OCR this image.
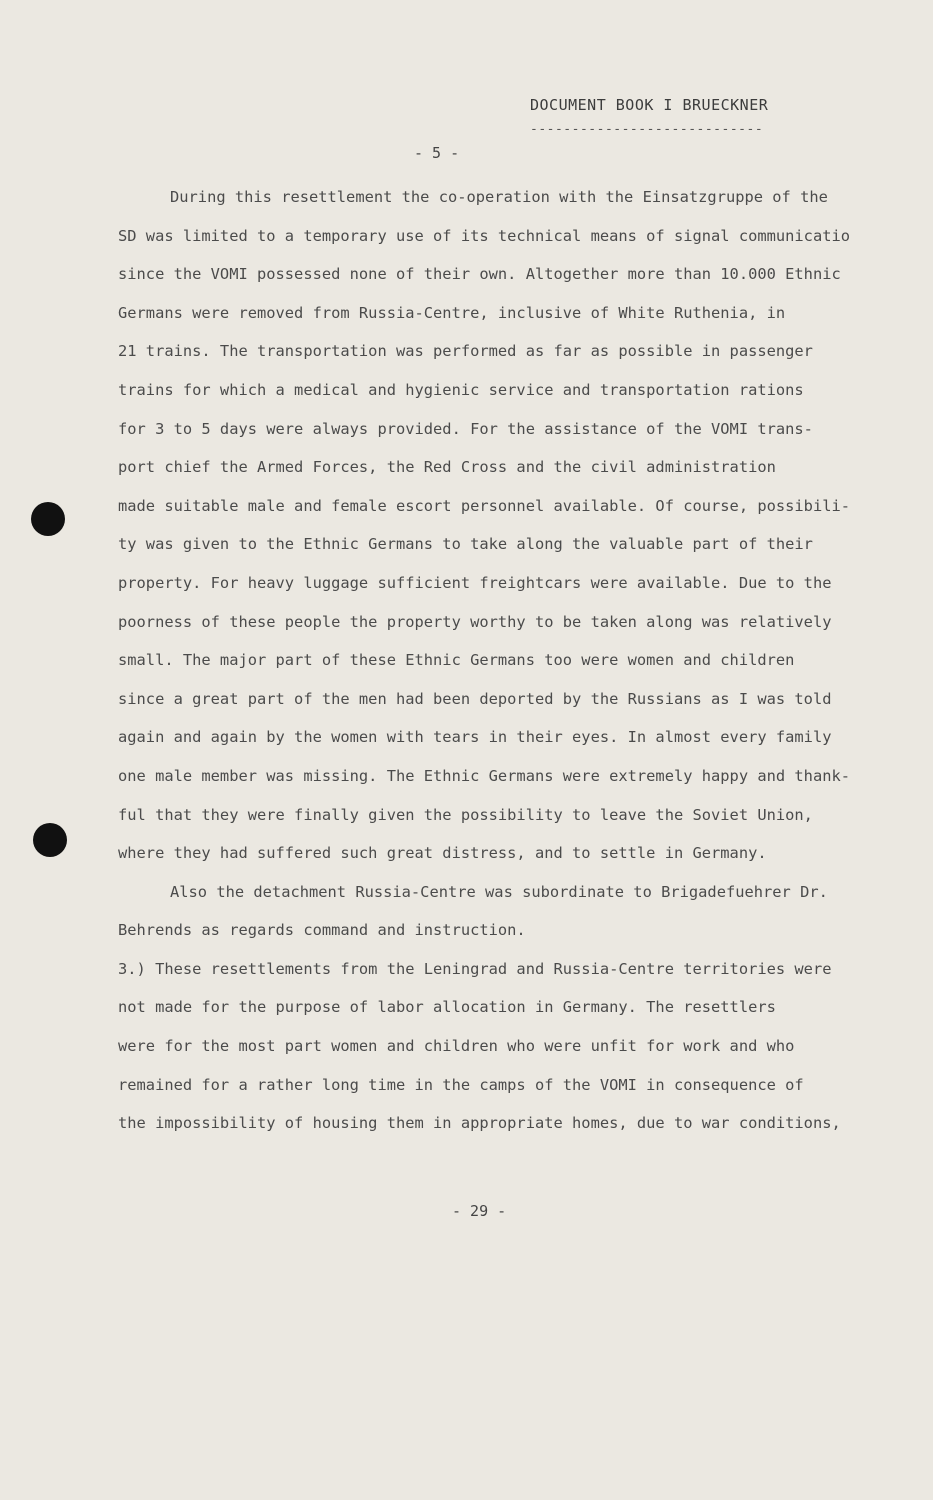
DOCUMENT BOOK I BRUECKNER
----------------------------
- 5 -
During this resettlement the co-operation with the Einsatzgruppe of the
SD was limited to a temporary use of its technical means of signal communicatio
since the VOMI possessed none of their own. Altogether more than 10.000 Ethnic
Germans were removed from Russia-Centre, inclusive of White Ruthenia, in
21 trains. The transportation was performed as far as possible in passenger
trains for which a medical and hygienic service and transportation rations
for 3 to 5 days were always provided. For the assistance of the VOMI trans-
port chief the Armed Forces, the Red Cross and the civil administration
made suitable male and female escort personnel available. Of course, possibili-
ty was given to the Ethnic Germans to take along the valuable part of their
property. For heavy luggage sufficient freightcars were available. Due to the
poorness of these people the property worthy to be taken along was relatively
small. The major part of these Ethnic Germans too were women and children
since a great part of the men had been deported by the Russians as I was told
again and again by the women with tears in their eyes. In almost every family
one male member was missing. The Ethnic Germans were extremely happy and thank-
ful that they were finally given the possibility to leave the Soviet Union,
where they had suffered such great distress, and to settle in Germany.
Also the detachment Russia-Centre was subordinate to Brigadefuehrer Dr.
Behrends as regards command and instruction.
3.) These resettlements from the Leningrad and Russia-Centre territories were
not made for the purpose of labor allocation in Germany. The resettlers
were for the most part women and children who were unfit for work and who
remained for a rather long time in the camps of the VOMI in consequence of
the impossibility of housing them in appropriate homes, due to war conditions,
- 29 -
